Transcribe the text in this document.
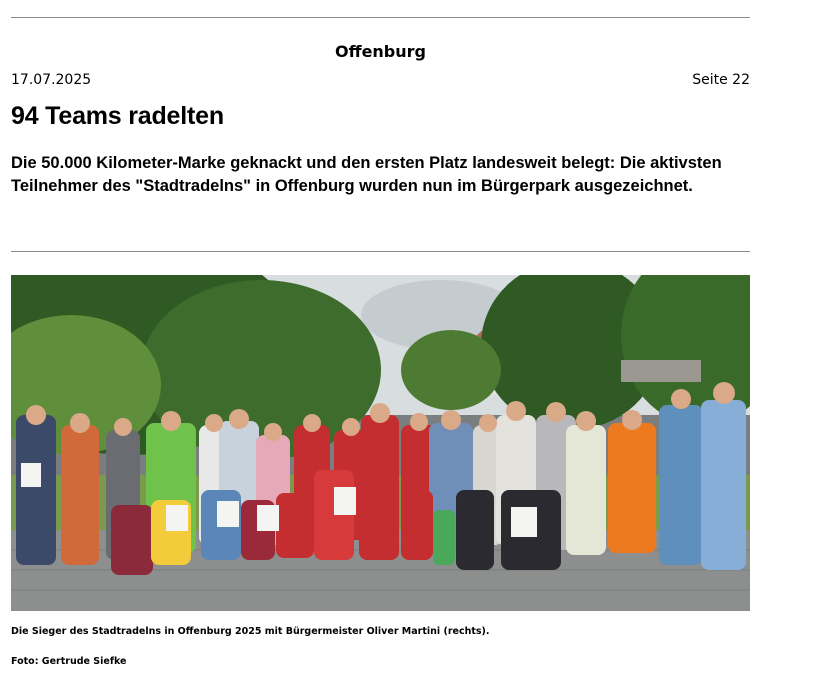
Offenburg
17.07.2025	Seite 22
94 Teams radelten

Die 50.000 Kilometer-Marke geknackt und den ersten Platz landesweit belegt: Die aktivsten Teilnehmer des "Stadtradelns" in Offenburg wurden nun im Bürgerpark ausgezeichnet.

Die Sieger des Stadtradelns in Offenburg 2025 mit Bürgermeister Oliver Martini (rechts).
Foto: Gertrude Siefke
